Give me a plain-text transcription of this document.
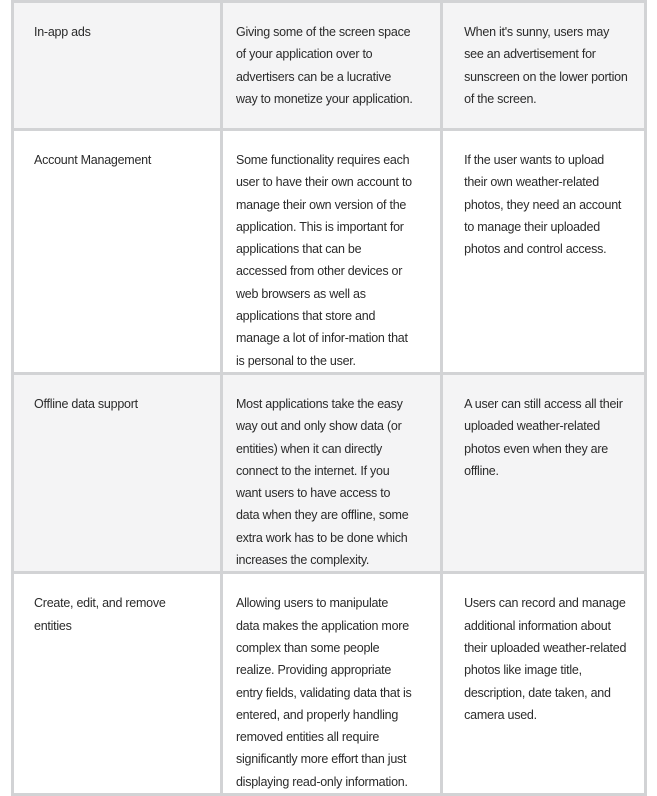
In-app ads	Giving some of the screen space of your application over to advertisers can be a lucrative way to monetize your application.	When it's sunny, users may see an advertisement for sunscreen on the lower portion of the screen.

Account Management	Some functionality requires each user to have their own account to manage their own version of the application. This is important for applications that can be accessed from other devices or web browsers as well as applications that store and manage a lot of infor-mation that is personal to the user.	If the user wants to upload their own weather-related photos, they need an account to manage their uploaded photos and control access.

Offline data support	Most applications take the easy way out and only show data (or entities) when it can directly connect to the internet. If you want users to have access to data when they are offline, some extra work has to be done which increases the complexity.	A user can still access all their uploaded weather-related photos even when they are offline.

Create, edit, and remove entities	Allowing users to manipulate data makes the application more complex than some people realize. Providing appropriate entry fields, validating data that is entered, and properly handling removed entities all require significantly more effort than just displaying read-only information.	Users can record and manage additional information about their uploaded weather-related photos like image title, description, date taken, and camera used.
